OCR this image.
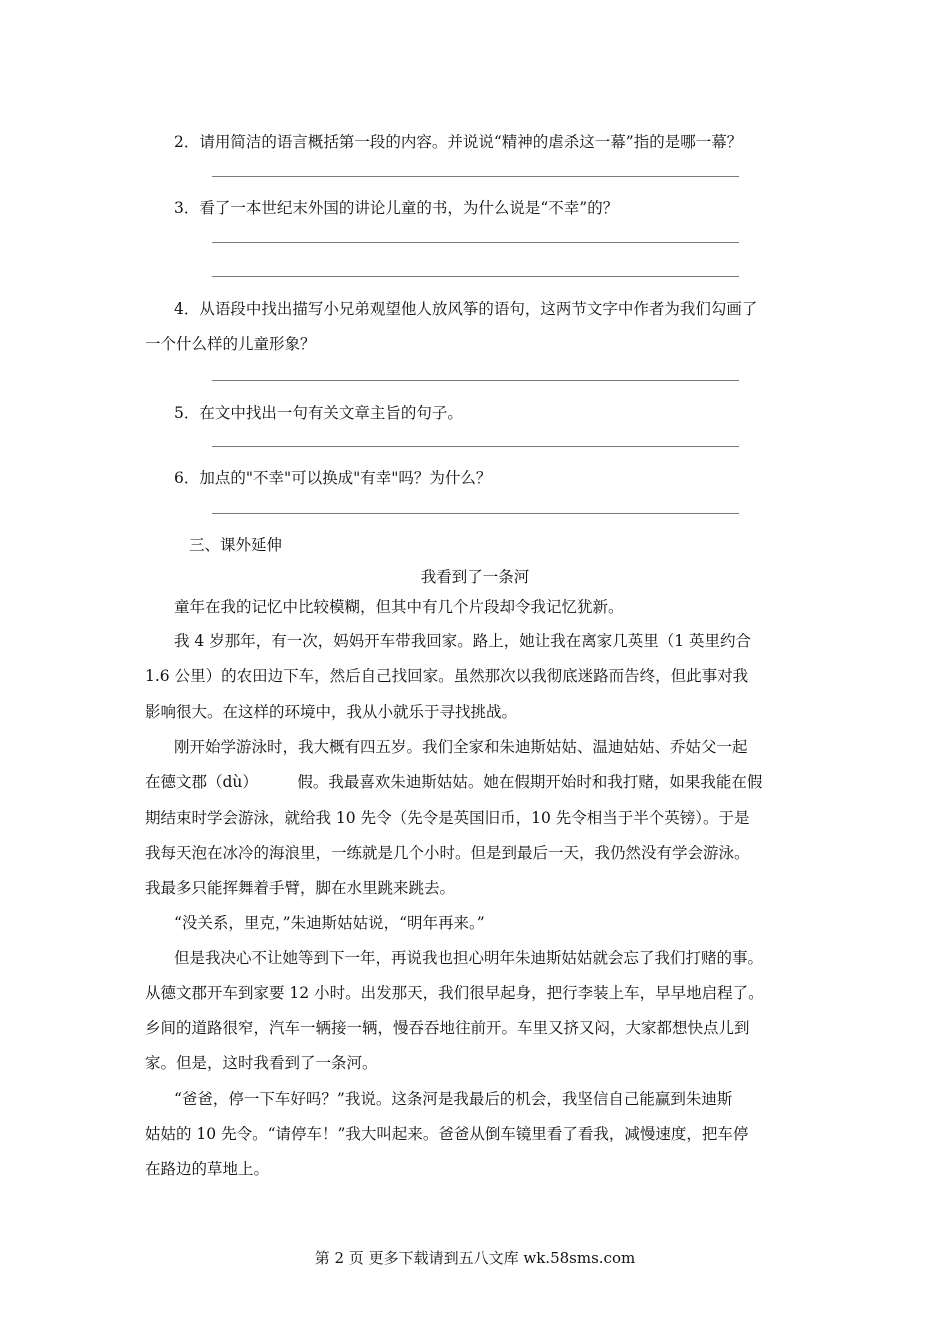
2．请用简洁的语言概括第一段的内容。并说说“精神的虐杀这一幕”指的是哪一幕？
3．看了一本世纪末外国的讲论儿童的书，为什么说是“不幸”的？
4．从语段中找出描写小兄弟观望他人放风筝的语句，这两节文字中作者为我们勾画了
一个什么样的儿童形象？
5．在文中找出一句有关文章主旨的句子。
6．加点的"不幸"可以换成"有幸"吗？为什么？
三、课外延伸
我看到了一条河
童年在我的记忆中比较模糊，但其中有几个片段却令我记忆犹新。
我 4 岁那年，有一次，妈妈开车带我回家。路上，她让我在离家几英里（1 英里约合
1.6 公里）的农田边下车，然后自己找回家。虽然那次以我彻底迷路而告终，但此事对我
影响很大。在这样的环境中，我从小就乐于寻找挑战。
刚开始学游泳时，我大概有四五岁。我们全家和朱迪斯姑姑、温迪姑姑、乔姑父一起
在德文郡（dù）        假。我最喜欢朱迪斯姑姑。她在假期开始时和我打赌，如果我能在假
期结束时学会游泳，就给我 10 先令（先令是英国旧币，10 先令相当于半个英镑）。于是
我每天泡在冰冷的海浪里，一练就是几个小时。但是到最后一天，我仍然没有学会游泳。
我最多只能挥舞着手臂，脚在水里跳来跳去。
“没关系，里克，”朱迪斯姑姑说，“明年再来。”
但是我决心不让她等到下一年，再说我也担心明年朱迪斯姑姑就会忘了我们打赌的事。
从德文郡开车到家要 12 小时。出发那天，我们很早起身，把行李装上车，早早地启程了。
乡间的道路很窄，汽车一辆接一辆，慢吞吞地往前开。车里又挤又闷，大家都想快点儿到
家。但是，这时我看到了一条河。
“爸爸，停一下车好吗？”我说。这条河是我最后的机会，我坚信自己能赢到朱迪斯
姑姑的 10 先令。“请停车！”我大叫起来。爸爸从倒车镜里看了看我，减慢速度，把车停
在路边的草地上。
第 2 页 更多下载请到五八文库 wk.58sms.com
